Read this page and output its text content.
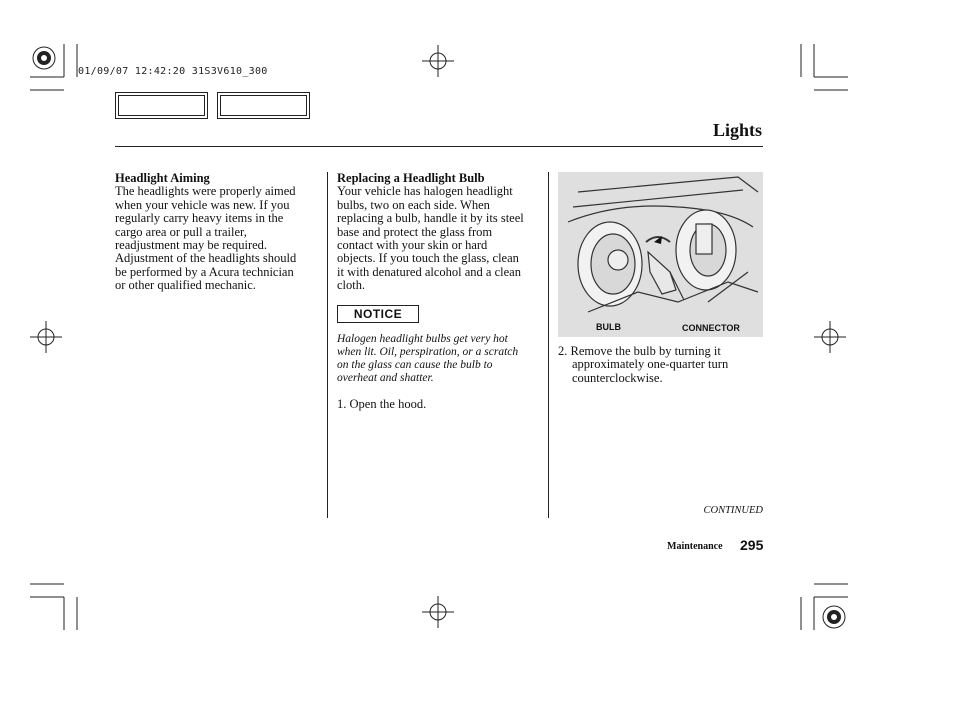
01/09/07 12:42:20 31S3V610_300
Lights
Headlight Aiming

The headlights were properly aimed

when your vehicle was new. If you

regularly carry heavy items in the

cargo area or pull a trailer,

readjustment may be required.

Adjustment of the headlights should

be performed by a Acura technician

or other qualified mechanic.

Replacing a Headlight Bulb

Your vehicle has halogen headlight

bulbs, two on each side. When

replacing a bulb, handle it by its steel

base and protect the glass from

contact with your skin or hard

objects. If you touch the glass, clean

it with denatured alcohol and a clean

cloth.

NOTICE
Halogen headlight bulbs get very hot
when lit. Oil, perspiration, or a scratch
on the glass can cause the bulb to
overheat and shatter.
1. Open the hood.
BULB	CONNECTOR
2. Remove the bulb by turning it
approximately one-quarter turn
counterclockwise.
CONTINUED
Maintenance 295
